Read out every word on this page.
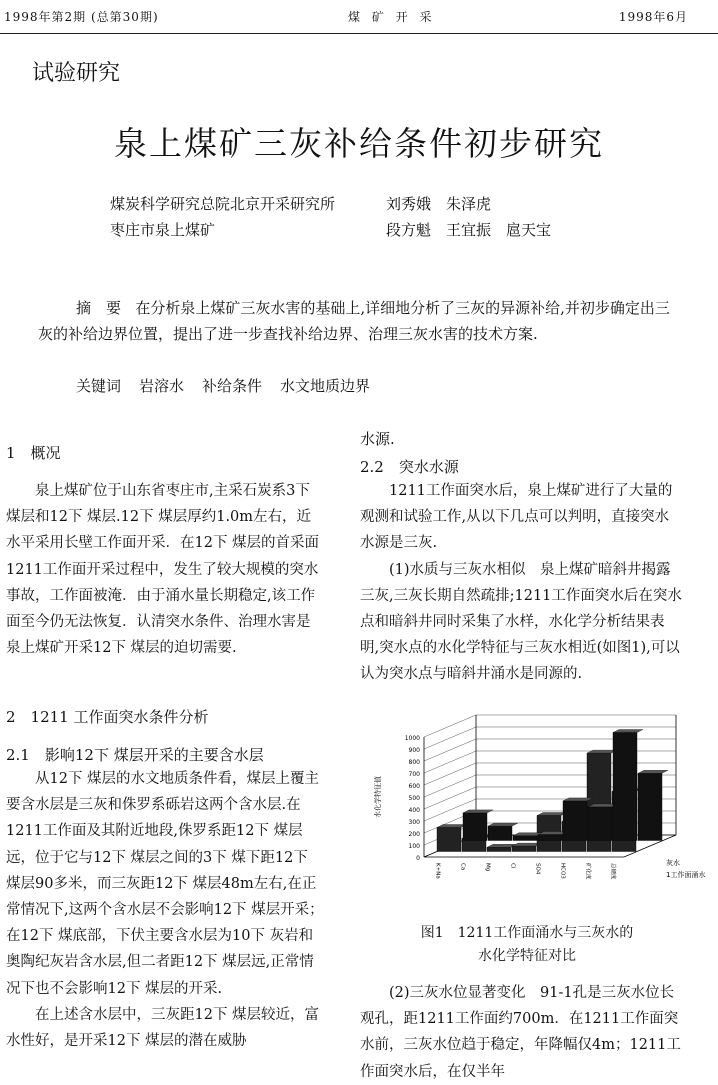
1998年第2期 (总第30期)	煤 矿 开 采	1998年6月
试验研究
泉上煤矿三灰补给条件初步研究
煤炭科学研究总院北京开采研究所	刘秀娥　朱泽虎
枣庄市泉上煤矿	段方魁　王宜振　扈天宝
摘　要 在分析泉上煤矿三灰水害的基础上,详细地分析了三灰的异源补给,并初步确定出三灰的补给边界位置，提出了进一步查找补给边界、治理三灰水害的技术方案.
关键词 岩溶水 补给条件 水文地质边界
1　概况

泉上煤矿位于山东省枣庄市,主采石炭系3下 煤层和12下 煤层.12下 煤层厚约1.0m左右，近水平采用长壁工作面开采．在12下 煤层的首采面1211工作面开采过程中，发生了较大规模的突水事故，工作面被淹．由于涌水量长期稳定,该工作面至今仍无法恢复．认清突水条件、治理水害是泉上煤矿开采12下 煤层的迫切需要.

2　1211 工作面突水条件分析
2.1　影响12下 煤层开采的主要含水层

从12下 煤层的水文地质条件看，煤层上覆主要含水层是三灰和侏罗系砾岩这两个含水层.在1211工作面及其附近地段,侏罗系距12下 煤层远，位于它与12下 煤层之间的3下 煤下距12下 煤层90多米，而三灰距12下 煤层48m左右,在正常情况下,这两个含水层不会影响12下 煤层开采；在12下 煤底部，下伏主要含水层为10下 灰岩和奥陶纪灰岩含水层,但二者距12下 煤层远,正常情况下也不会影响12下 煤层的开采.

在上述含水层中，三灰距12下 煤层较近，富水性好，是开采12下 煤层的潜在威胁

水源.
2.2　突水水源

1211工作面突水后，泉上煤矿进行了大量的观测和试验工作,从以下几点可以判明，直接突水水源是三灰.

(1)水质与三灰水相似　泉上煤矿暗斜井揭露三灰,三灰长期自然疏排;1211工作面突水后在突水点和暗斜井同时采集了水样，水化学分析结果表明,突水点的水化学特征与三灰水相近(如图1),可以认为突水点与暗斜井涌水是同源的.

0
100
200
300
400
500
600
700
800
900
1000
水化学特征值
K+Na	Ca	Mg	Cl	SO4	HCO3	矿化度	总硬度	灰水
1工作面涌水
图1　1211工作面涌水与三灰水的
水化学特征对比

(2)三灰水位显著变化　91-1孔是三灰水位长观孔，距1211工作面约700m．在1211工作面突水前，三灰水位趋于稳定，年降幅仅4m；1211工作面突水后，在仅半年
